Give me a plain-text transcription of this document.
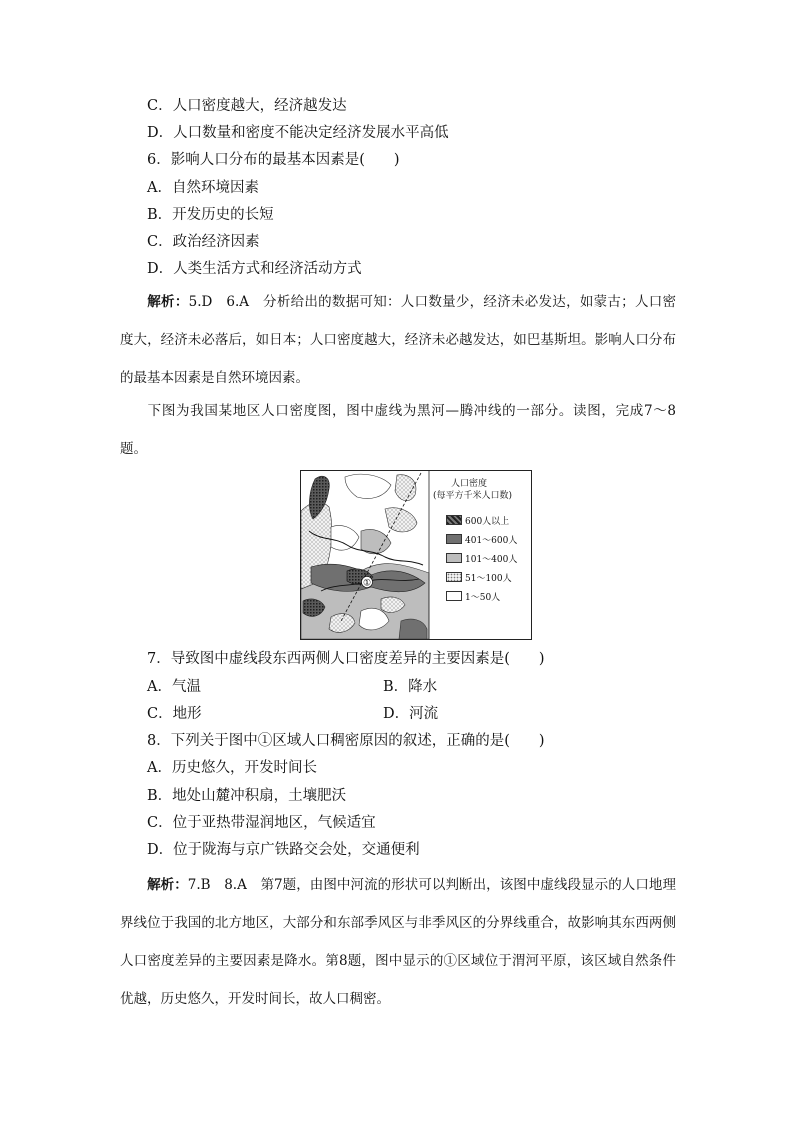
C．人口密度越大，经济越发达
D．人口数量和密度不能决定经济发展水平高低
6．影响人口分布的最基本因素是(　　)
A．自然环境因素
B．开发历史的长短
C．政治经济因素
D．人类生活方式和经济活动方式
解析：5.D　6.A　分析给出的数据可知：人口数量少，经济未必发达，如蒙古；人口密度大，经济未必落后，如日本；人口密度越大，经济未必越发达，如巴基斯坦。影响人口分布的最基本因素是自然环境因素。
下图为我国某地区人口密度图，图中虚线为黑河—腾冲线的一部分。读图，完成7～8题。
①
人口密度
(每平方千米人口数)
600人以上
401～600人
101～400人
51～100人
1～50人
7．导致图中虚线段东西两侧人口密度差异的主要因素是(　　)
A．气温	B．降水
C．地形	D．河流
8．下列关于图中①区域人口稠密原因的叙述，正确的是(　　)
A．历史悠久，开发时间长
B．地处山麓冲积扇，土壤肥沃
C．位于亚热带湿润地区，气候适宜
D．位于陇海与京广铁路交会处，交通便利
解析：7.B　8.A　第7题，由图中河流的形状可以判断出，该图中虚线段显示的人口地理界线位于我国的北方地区，大部分和东部季风区与非季风区的分界线重合，故影响其东西两侧人口密度差异的主要因素是降水。第8题，图中显示的①区域位于渭河平原，该区域自然条件优越，历史悠久，开发时间长，故人口稠密。
